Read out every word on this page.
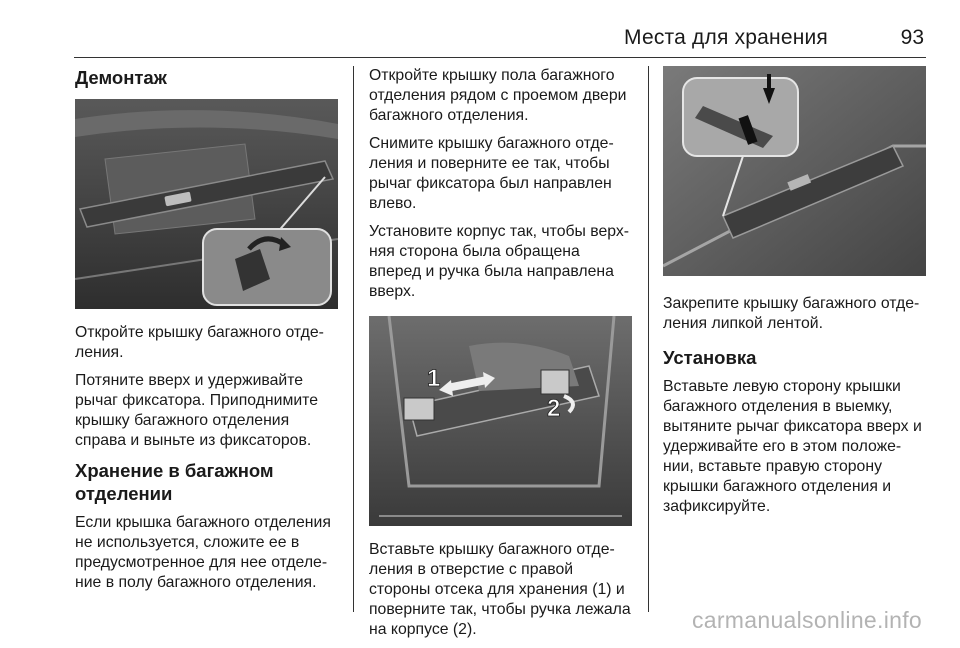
Места для хранения	93
Демонтаж

Откройте крышку багажного отде-ления.

Потяните вверх и удерживайте рычаг фиксатора. Приподнимите крышку багажного отделения справа и выньте из фиксаторов.

Хранение в багажном отделении

Если крышка багажного отделения не используется, сложите ее в предусмотренное для нее отделе-ние в полу багажного отделения.

Откройте крышку пола багажного отделения рядом с проемом двери багажного отделения.

Снимите крышку багажного отде-ления и поверните ее так, чтобы рычаг фиксатора был направлен влево.

Установите корпус так, чтобы верх-няя сторона была обращена вперед и ручка была направлена вверх.

1
2

Вставьте крышку багажного отде-ления в отверстие с правой стороны отсека для хранения (1) и поверните так, чтобы ручка лежала на корпусе (2).

Закрепите крышку багажного отде-ления липкой лентой.

Установка

Вставьте левую сторону крышки багажного отделения в выемку, вытяните рычаг фиксатора вверх и удерживайте его в этом положе-нии, вставьте правую сторону крышки багажного отделения и зафиксируйте.

carmanualsonline.info
